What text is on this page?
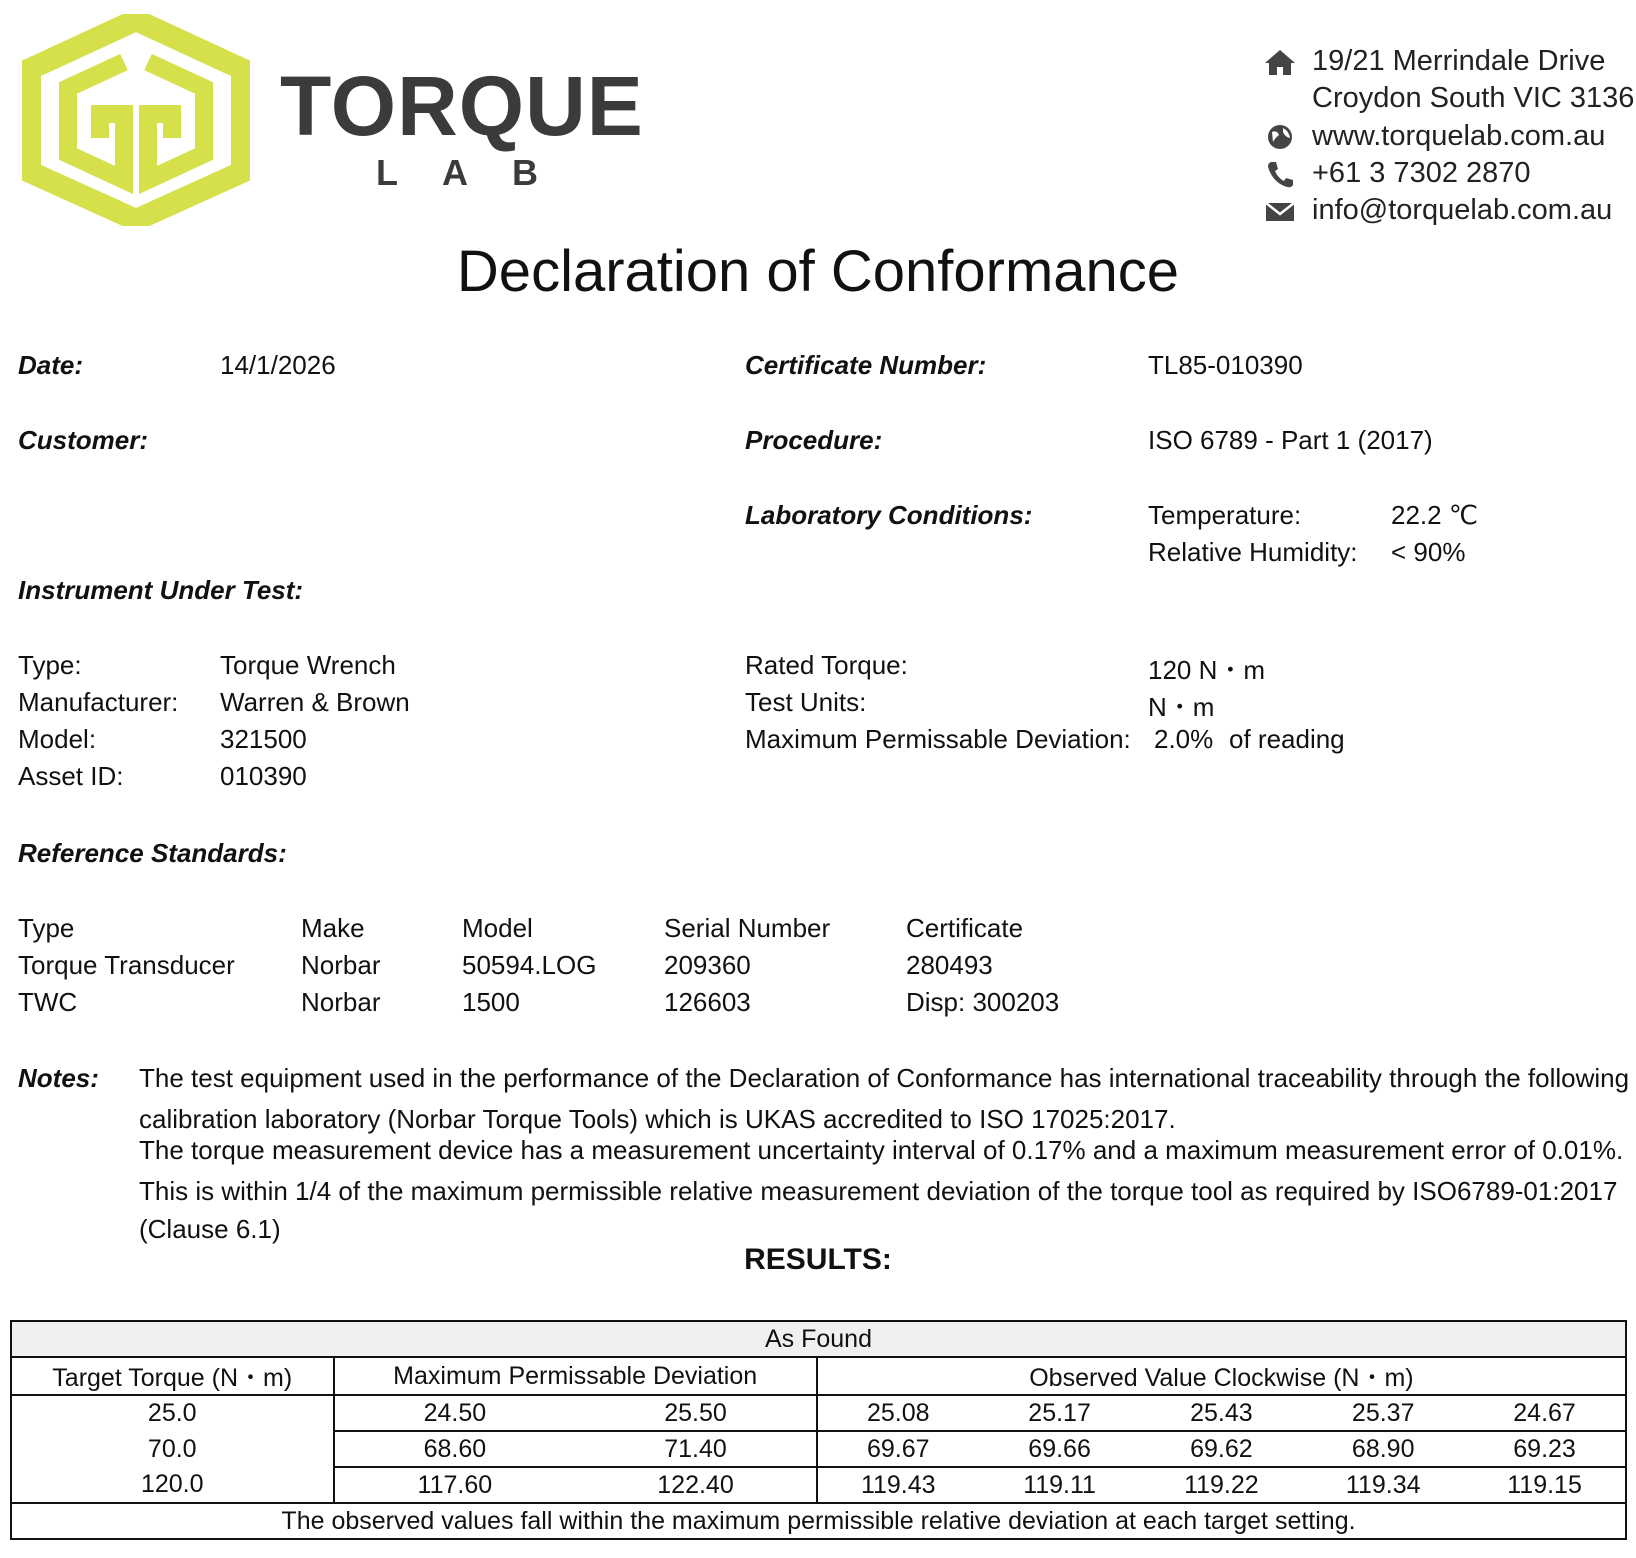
TORQUE
LAB
19/21 Merrindale Drive
Croydon South VIC 3136
www.torquelab.com.au
+61 3 7302 2870
info@torquelab.com.au
Declaration of Conformance
Date:	14/1/2026	Certificate Number:	TL85-010390
Customer:	Procedure:	ISO 6789 - Part 1 (2017)
Laboratory Conditions:	Temperature:	22.2 ℃
Relative Humidity: < 90%
Instrument Under Test:
Type:	Torque Wrench
Manufacturer: Warren & Brown
Model:	321500
Asset ID:	010390
Rated Torque:	120 N・m
Test Units:	N・m
Maximum Permissable Deviation: 2.0% of reading
Reference Standards:
Type	Make	Model	Serial Number	Certificate
Torque Transducer	Norbar	50594.LOG	209360	280493
TWC	Norbar	1500	126603	Disp: 300203
Notes: The test equipment used in the performance of the Declaration of Conformance has international traceability through the following
calibration laboratory (Norbar Torque Tools) which is UKAS accredited to ISO 17025:2017.
The torque measurement device has a measurement uncertainty interval of 0.17% and a maximum measurement error of 0.01%.
This is within 1/4 of the maximum permissible relative measurement deviation of the torque tool as required by ISO6789-01:2017
(Clause 6.1)
RESULTS:
As Found							
Target Torque (N・m)	Maximum Permissable Deviation		Observed Value Clockwise (N・m)				
25.0	24.50	25.50	25.08	25.17	25.43	25.37	24.67
70.0	68.60	71.40	69.67	69.66	69.62	68.90	69.23
120.0	117.60	122.40	119.43	119.11	119.22	119.34	119.15
The observed values fall within the maximum permissible relative deviation at each target setting.							
